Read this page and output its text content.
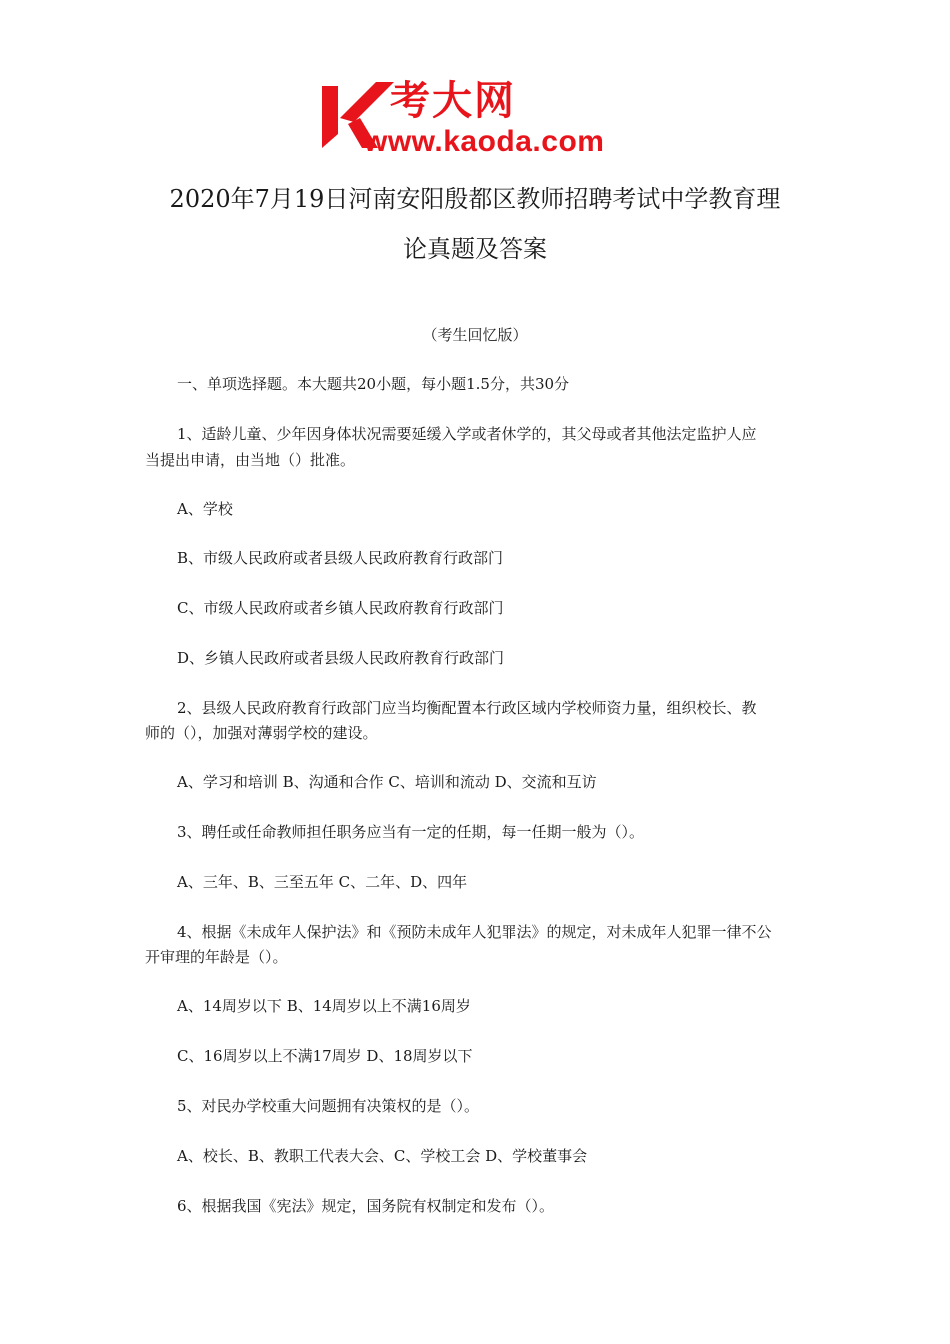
考大网
www.kaoda.com
2020年7月19日河南安阳殷都区教师招聘考试中学教育理
论真题及答案
（考生回忆版）
一、单项选择题。本大题共20小题，每小题1.5分，共30分
1、适龄儿童、少年因身体状况需要延缓入学或者休学的，其父母或者其他法定监护人应
当提出申请，由当地（）批准。
A、学校
B、市级人民政府或者县级人民政府教育行政部门
C、市级人民政府或者乡镇人民政府教育行政部门
D、乡镇人民政府或者县级人民政府教育行政部门
2、县级人民政府教育行政部门应当均衡配置本行政区域内学校师资力量，组织校长、教
师的（），加强对薄弱学校的建设。
A、学习和培训 B、沟通和合作 C、培训和流动 D、交流和互访
3、聘任或任命教师担任职务应当有一定的任期，每一任期一般为（）。
A、三年、B、三至五年 C、二年、D、四年
4、根据《未成年人保护法》和《预防未成年人犯罪法》的规定，对未成年人犯罪一律不公
开审理的年龄是（）。
A、14周岁以下 B、14周岁以上不满16周岁
C、16周岁以上不满17周岁 D、18周岁以下
5、对民办学校重大问题拥有决策权的是（）。
A、校长、B、教职工代表大会、C、学校工会 D、学校董事会
6、根据我国《宪法》规定，国务院有权制定和发布（）。
